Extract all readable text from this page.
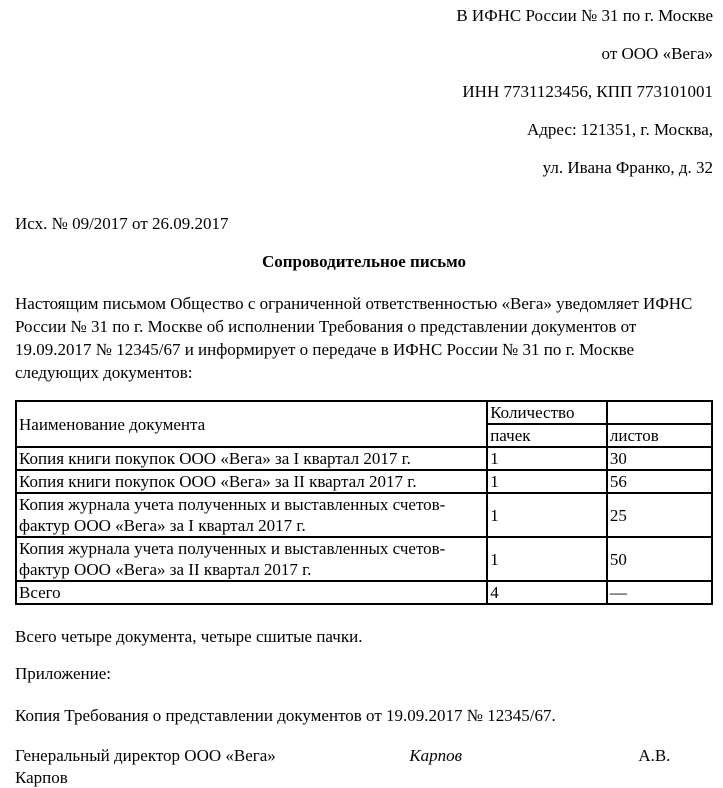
В ИФНС России № 31 по г. Москве

от ООО «Вега»

ИНН 7731123456, КПП 773101001

Адрес: 121351, г. Москва,

ул. Ивана Франко, д. 32

Исх. № 09/2017 от 26.09.2017

Сопроводительное письмо

Настоящим письмом Общество с ограниченной ответственностью «Вега» уведомляет ИФНС России № 31 по г. Москве об исполнении Требования о представлении документов от 19.09.2017 № 12345/67 и информирует о передаче в ИФНС России № 31 по г. Москве следующих документов:

Наименование документа	Количество	
	пачек	листов
Копия книги покупок ООО «Вега» за I квартал 2017 г.	1	30
Копия книги покупок ООО «Вега» за II квартал 2017 г.	1	56
Копия журнала учета полученных и выставленных счетов-фактур ООО «Вега» за I квартал 2017 г.	1	25
Копия журнала учета полученных и выставленных счетов-фактур ООО «Вега» за II квартал 2017 г.	1	50
Всего	4	—

Всего четыре документа, четыре сшитые пачки.

Приложение:

Копия Требования о представлении документов от 19.09.2017 № 12345/67.

Генеральный директор ООО «Вега»	Карпов	А.В.

Карпов
